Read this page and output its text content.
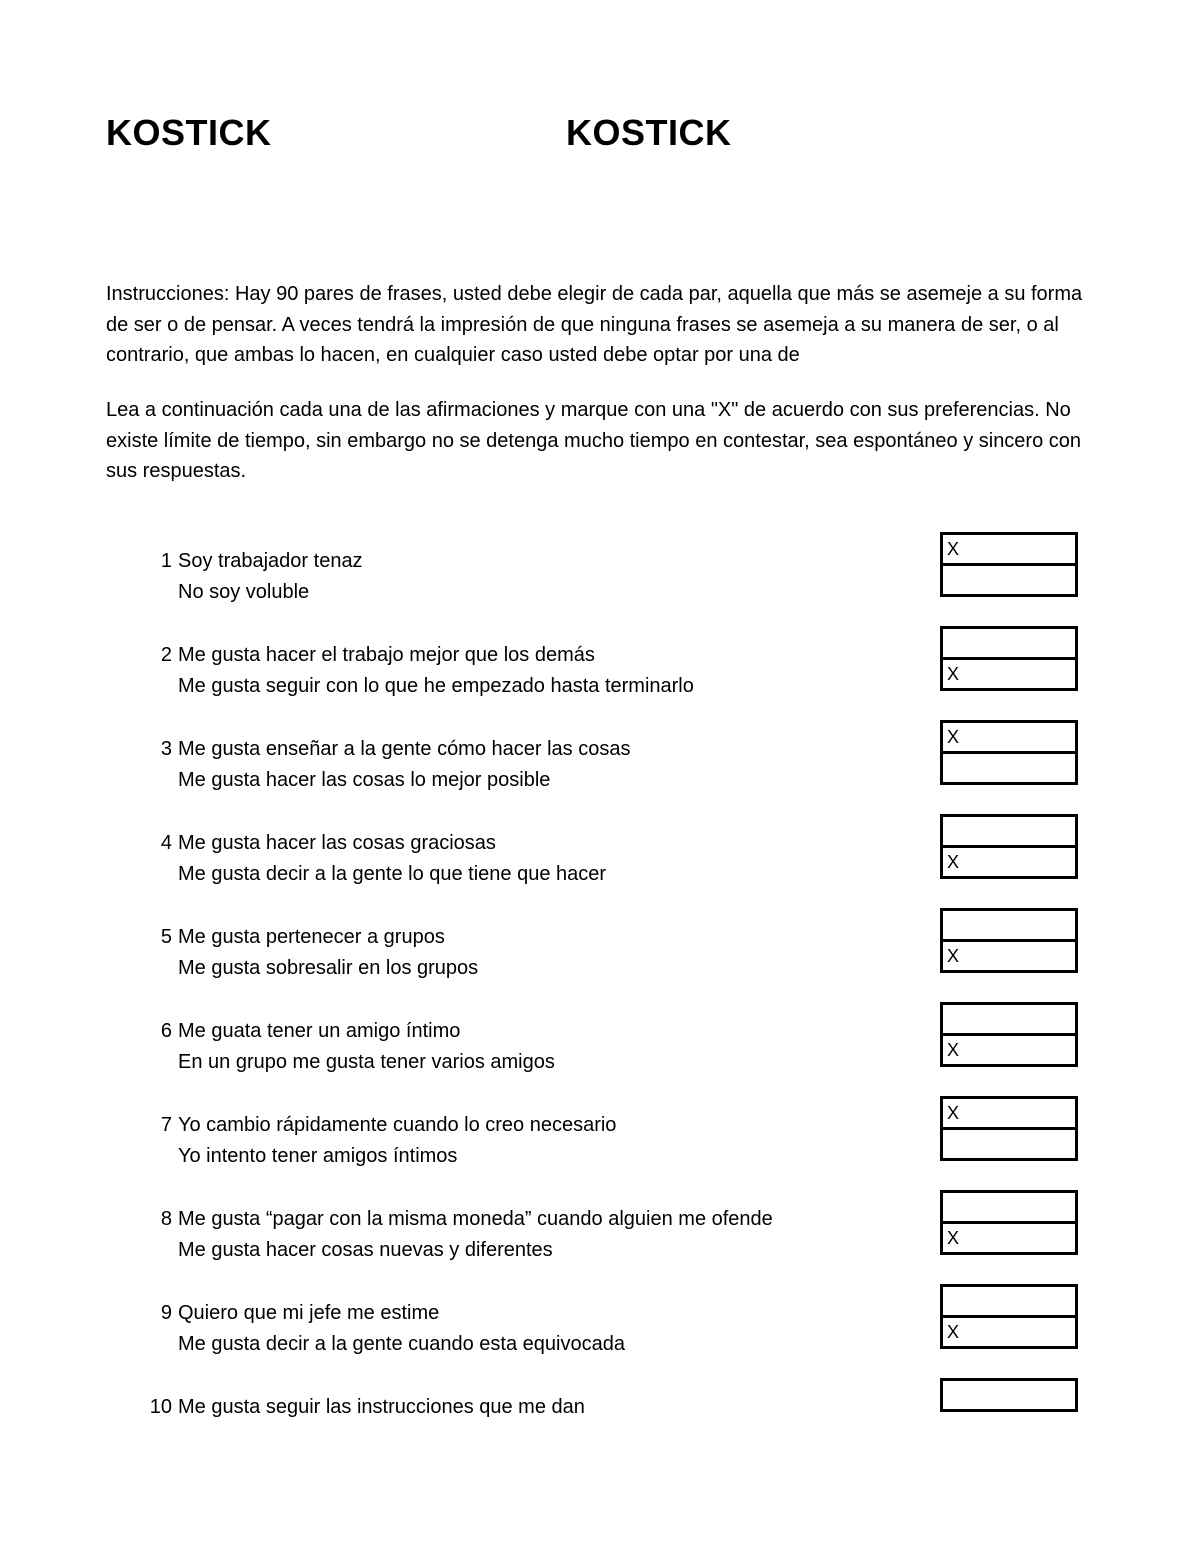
KOSTICK	KOSTICK
Instrucciones: Hay 90 pares de frases, usted debe elegir de cada par, aquella que más se asemeje a su forma de ser o de pensar. A veces tendrá la impresión de que ninguna frases se asemeja a su manera de ser, o al contrario, que ambas lo hacen, en cualquier caso usted debe optar por una de
Lea a continuación cada una de las afirmaciones y marque con una "X" de acuerdo con sus preferencias. No existe límite de tiempo, sin embargo no se detenga mucho tiempo en contestar, sea espontáneo y sincero con sus respuestas.
1 Soy trabajador tenaz
No soy voluble
X
2 Me gusta hacer el trabajo mejor que los demás
Me gusta seguir con lo que he empezado hasta terminarlo
X
3 Me gusta enseñar a la gente cómo hacer las cosas
Me gusta hacer las cosas lo mejor posible
X
4 Me gusta hacer las cosas graciosas
Me gusta decir a la gente lo que tiene que hacer
X
5 Me gusta pertenecer a grupos
Me gusta sobresalir en los grupos
X
6 Me guata tener un amigo íntimo
En un grupo me gusta tener varios amigos
X
7 Yo cambio rápidamente cuando lo creo necesario
Yo intento tener amigos íntimos
X
8 Me gusta “pagar con la misma moneda” cuando alguien me ofende
Me gusta hacer cosas nuevas y diferentes
X
9 Quiero que mi jefe me estime
Me gusta decir a la gente cuando esta equivocada
X
10 Me gusta seguir las instrucciones que me dan
